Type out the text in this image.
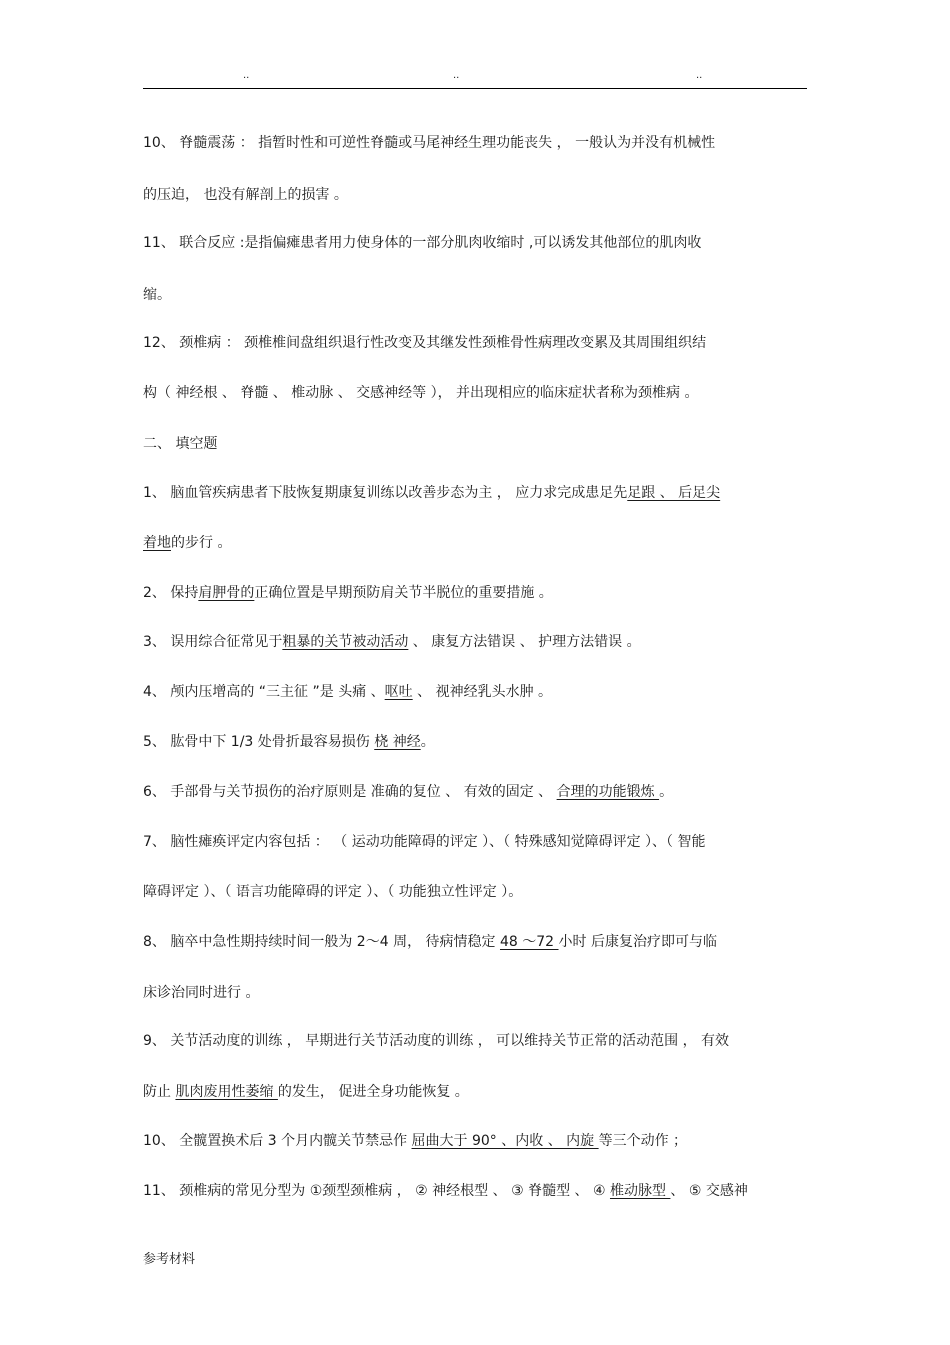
..	..	..
10、 脊髓震荡 ： 指暂时性和可逆性脊髓或马尾神经生理功能丧失 ， 一般认为并没有机械性
的压迫， 也没有解剖上的损害 。
11、 联合反应 :是指偏瘫患者用力使身体的一部分肌肉收缩时 ,可以诱发其他部位的肌肉收
缩。
12、 颈椎病 ： 颈椎椎间盘组织退行性改变及其继发性颈椎骨性病理改变累及其周围组织结
构（ 神经根 、 脊髓 、 椎动脉 、 交感神经等 ）， 并出现相应的临床症状者称为颈椎病 。
二、 填空题
1、 脑血管疾病患者下肢恢复期康复训练以改善步态为主 ， 应力求完成患足先足跟 、 后足尖
着地的步行 。
2、 保持肩胛骨的正确位置是早期预防肩关节半脱位的重要措施 。
3、 误用综合征常见于粗暴的关节被动活动 、 康复方法错误 、 护理方法错误 。
4、 颅内压增高的 “三主征 ”是 头痛 、呕吐 、 视神经乳头水肿 。
5、 肱骨中下 1/3 处骨折最容易损伤 桡 神经。
6、 手部骨与关节损伤的治疗原则是 准确的复位 、 有效的固定 、 合理的功能锻炼 。
7、 脑性瘫痪评定内容包括 ： （ 运动功能障碍的评定 ）、（ 特殊感知觉障碍评定 ）、（ 智能
障碍评定 ）、（ 语言功能障碍的评定 ）、（ 功能独立性评定 ）。
8、 脑卒中急性期持续时间一般为 2～4 周， 待病情稳定 48 ～72 小时 后康复治疗即可与临
床诊治同时进行 。
9、 关节活动度的训练 ， 早期进行关节活动度的训练 ， 可以维持关节正常的活动范围 ， 有效
防止 肌肉废用性萎缩 的发生， 促进全身功能恢复 。
10、 全髋置换术后 3 个月内髋关节禁忌作 屈曲大于 90° 、内收 、 内旋 等三个动作 ；
11、 颈椎病的常见分型为 ①颈型颈椎病 ， ② 神经根型 、 ③ 脊髓型 、 ④ 椎动脉型 、 ⑤ 交感神
参考材料
